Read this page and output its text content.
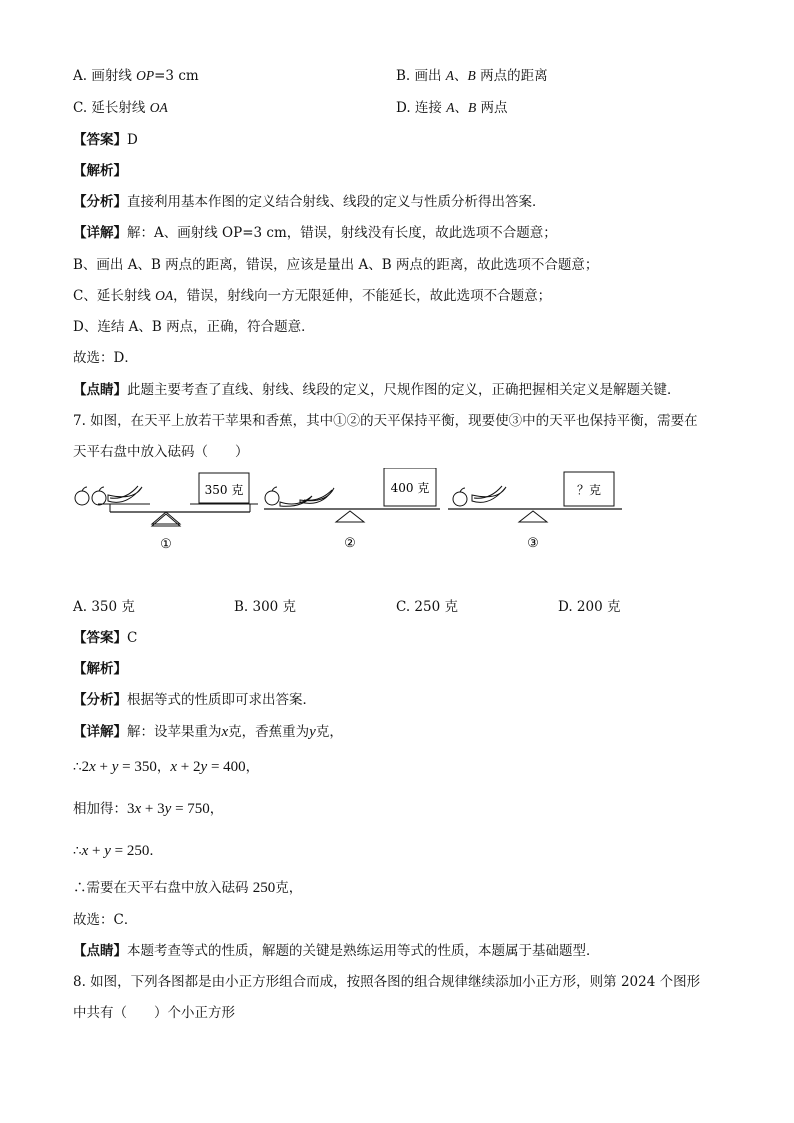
A. 画射线 OP=3 cm	B. 画出 A、B 两点的距离
C. 延长射线 OA	D. 连接 A、B 两点
【答案】D
【解析】
【分析】直接利用基本作图的定义结合射线、线段的定义与性质分析得出答案．
【详解】解：A、画射线 OP=3 cm，错误，射线没有长度，故此选项不合题意；
B、画出 A、B 两点的距离，错误，应该是量出 A、B 两点的距离，故此选项不合题意；
C、延长射线 OA，错误，射线向一方无限延伸，不能延长，故此选项不合题意；
D、连结 A、B 两点，正确，符合题意．
故选：D．
【点睛】此题主要考查了直线、射线、线段的定义，尺规作图的定义，正确把握相关定义是解题关键．
7. 如图，在天平上放若干苹果和香蕉，其中①②的天平保持平衡，现要使③中的天平也保持平衡，需要在
天平右盘中放入砝码（　　）
350 克
①
400 克
②
？克
③
A. 350 克	B. 300 克	C. 250 克	D. 200 克
【答案】C
【解析】
【分析】根据等式的性质即可求出答案．
【详解】解：设苹果重为x克，香蕉重为y克，
∴2x + y = 350，x + 2y = 400，
相加得：3x + 3y = 750，
∴x + y = 250．
∴需要在天平右盘中放入砝码 250克，
故选：C．
【点睛】本题考查等式的性质，解题的关键是熟练运用等式的性质，本题属于基础题型．
8. 如图，下列各图都是由小正方形组合而成，按照各图的组合规律继续添加小正方形，则第 2024 个图形
中共有（　　）个小正方形
